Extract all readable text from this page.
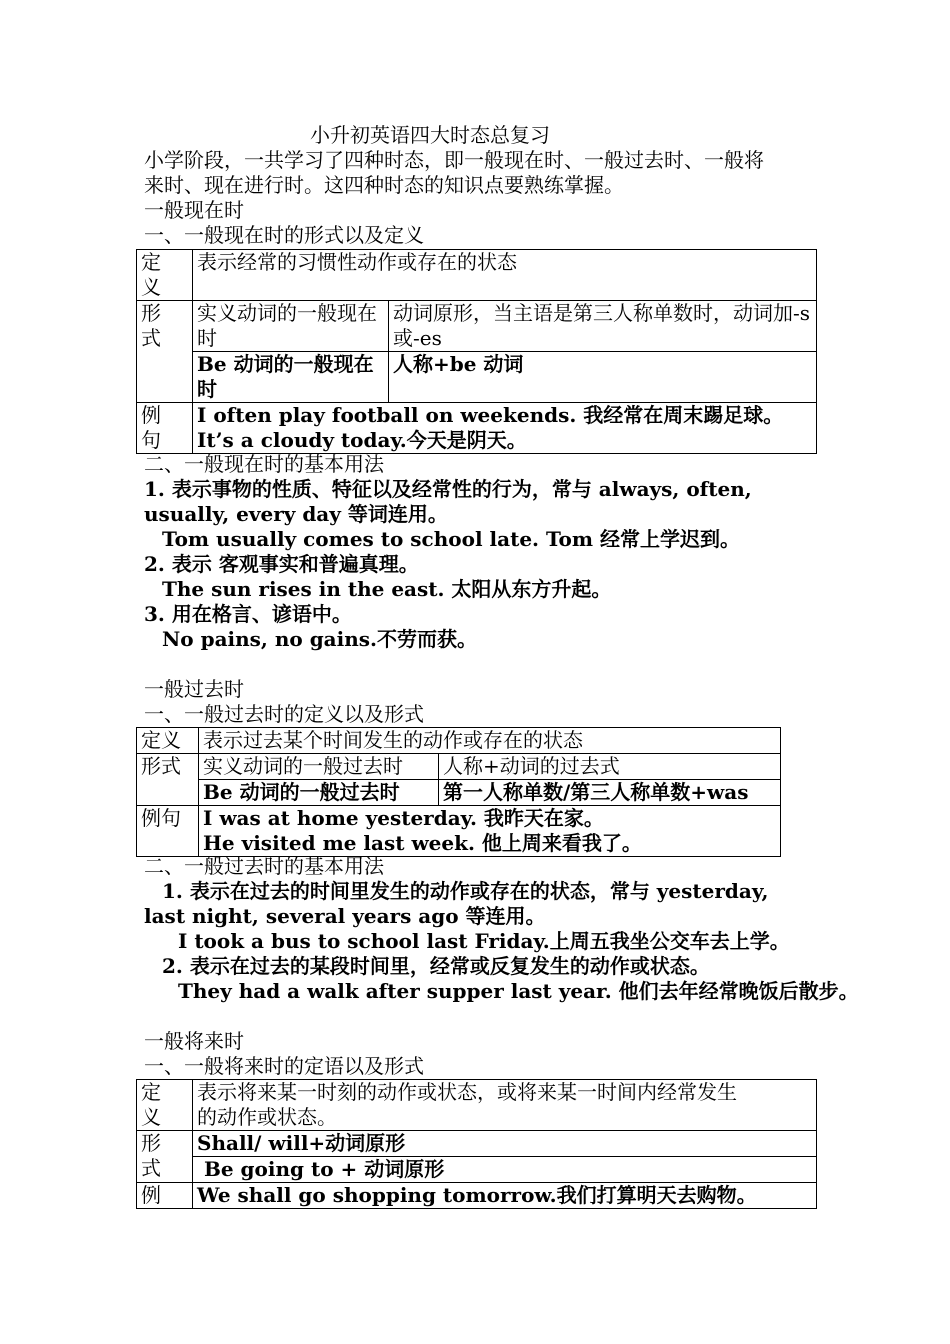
小升初英语四大时态总复习
小学阶段，一共学习了四种时态，即一般现在时、一般过去时、一般将
来时、现在进行时。这四种时态的知识点要熟练掌握。
一般现在时
一、一般现在时的形式以及定义
定义	表示经常的习惯性动作或存在的状态	
形式	实义动词的一般现在时	动词原形，当主语是第三人称单数时，动词加-s 或-es
	Be 动词的一般现在时	人称+be 动词
例句	I often play football on weekends. 我经常在周末踢足球。
It’s a cloudy today.今天是阴天。	
二、一般现在时的基本用法
1. 表示事物的性质、特征以及经常性的行为，常与 always, often,
usually, every day 等词连用。
Tom usually comes to school late. Tom 经常上学迟到。
2. 表示 客观事实和普遍真理。
The sun rises in the east. 太阳从东方升起。
3. 用在格言、谚语中。
No pains, no gains.不劳而获。
一般过去时
一、一般过去时的定义以及形式
定义	表示过去某个时间发生的动作或存在的状态	
形式	实义动词的一般过去时	人称+动词的过去式
	Be 动词的一般过去时	第一人称单数/第三人称单数+was
例句	I was at home yesterday. 我昨天在家。
He visited me last week. 他上周来看我了。	
二、一般过去时的基本用法
1. 表示在过去的时间里发生的动作或存在的状态，常与 yesterday,
last night, several years ago 等连用。
I took a bus to school last Friday.上周五我坐公交车去上学。
2. 表示在过去的某段时间里，经常或反复发生的动作或状态。
They had a walk after supper last year. 他们去年经常晚饭后散步。
一般将来时
一、一般将来时的定语以及形式
定义	表示将来某一时刻的动作或状态，或将来某一时间内经常发生
的动作或状态。

形式	Shall/ will+动词原形
	Be going to + 动词原形
例	We shall go shopping tomorrow.我们打算明天去购物。
